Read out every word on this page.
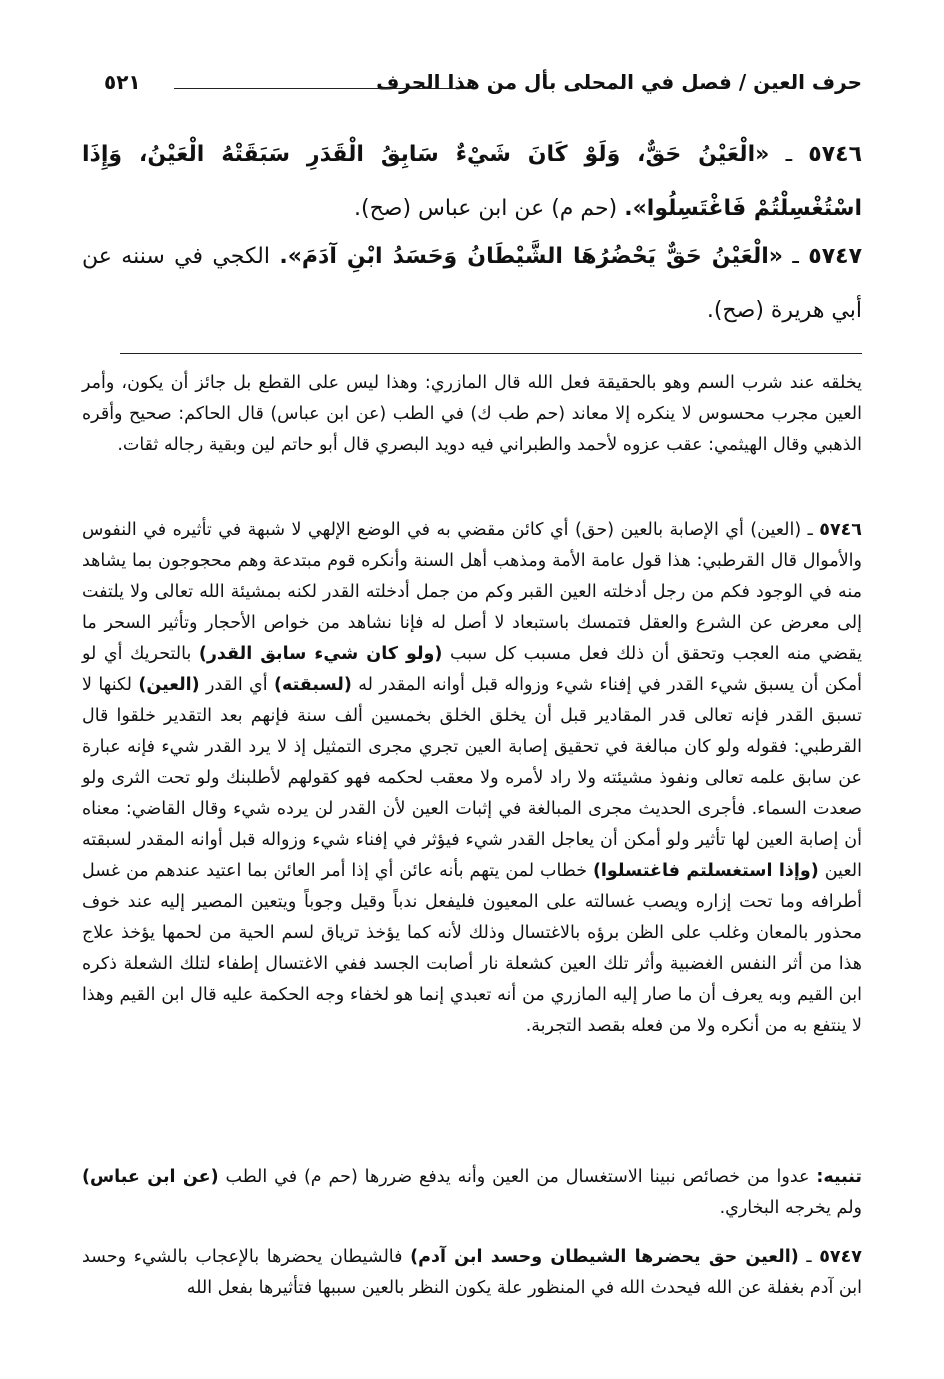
حرف العين / فصل في المحلى بأل من هذا الحرف
٥٢١
٥٧٤٦ ـ «الْعَيْنُ حَقٌّ، وَلَوْ كَانَ شَيْءٌ سَابِقُ الْقَدَرِ سَبَقَتْهُ الْعَيْنُ، وَإِذَا اسْتُغْسِلْتُمْ فَاغْتَسِلُوا». (حم م) عن ابن عباس (صح).
٥٧٤٧ ـ «الْعَيْنُ حَقٌّ يَحْضُرُهَا الشَّيْطَانُ وَحَسَدُ ابْنِ آدَمَ». الكجي في سننه عن أبي هريرة (صح).

يخلقه عند شرب السم وهو بالحقيقة فعل الله قال المازري: وهذا ليس على القطع بل جائز أن يكون، وأمر العين مجرب محسوس لا ينكره إلا معاند (حم طب ك) في الطب (عن ابن عباس) قال الحاكم: صحيح وأقره الذهبي وقال الهيثمي: عقب عزوه لأحمد والطبراني فيه دويد البصري قال أبو حاتم لين وبقية رجاله ثقات.

٥٧٤٦ ـ (العين) أي الإصابة بالعين (حق) أي كائن مقضي به في الوضع الإلهي لا شبهة في تأثيره في النفوس والأموال قال القرطبي: هذا قول عامة الأمة ومذهب أهل السنة وأنكره قوم مبتدعة وهم محجوجون بما يشاهد منه في الوجود فكم من رجل أدخلته العين القبر وكم من جمل أدخلته القدر لكنه بمشيئة الله تعالى ولا يلتفت إلى معرض عن الشرع والعقل فتمسك باستبعاد لا أصل له فإنا نشاهد من خواص الأحجار وتأثير السحر ما يقضي منه العجب وتحقق أن ذلك فعل مسبب كل سبب (ولو كان شيء سابق القدر) بالتحريك أي لو أمكن أن يسبق شيء القدر في إفناء شيء وزواله قبل أوانه المقدر له (لسبقته) أي القدر (العين) لكنها لا تسبق القدر فإنه تعالى قدر المقادير قبل أن يخلق الخلق بخمسين ألف سنة فإنهم بعد التقدير خلقوا قال القرطبي: فقوله ولو كان مبالغة في تحقيق إصابة العين تجري مجرى التمثيل إذ لا يرد القدر شيء فإنه عبارة عن سابق علمه تعالى ونفوذ مشيئته ولا راد لأمره ولا معقب لحكمه فهو كقولهم لأطلبنك ولو تحت الثرى ولو صعدت السماء. فأجرى الحديث مجرى المبالغة في إثبات العين لأن القدر لن يرده شيء وقال القاضي: معناه أن إصابة العين لها تأثير ولو أمكن أن يعاجل القدر شيء فيؤثر في إفناء شيء وزواله قبل أوانه المقدر لسبقته العين (وإذا استغسلتم فاغتسلوا) خطاب لمن يتهم بأنه عائن أي إذا أمر العائن بما اعتيد عندهم من غسل أطرافه وما تحت إزاره ويصب غسالته على المعيون فليفعل ندباً وقيل وجوباً ويتعين المصير إليه عند خوف محذور بالمعان وغلب على الظن برؤه بالاغتسال وذلك لأنه كما يؤخذ ترياق لسم الحية من لحمها يؤخذ علاج هذا من أثر النفس الغضبية وأثر تلك العين كشعلة نار أصابت الجسد ففي الاغتسال إطفاء لتلك الشعلة ذكره ابن القيم وبه يعرف أن ما صار إليه المازري من أنه تعبدي إنما هو لخفاء وجه الحكمة عليه قال ابن القيم وهذا لا ينتفع به من أنكره ولا من فعله بقصد التجربة.

تنبيه: عدوا من خصائص نبينا الاستغسال من العين وأنه يدفع ضررها (حم م) في الطب (عن ابن عباس) ولم يخرجه البخاري.

٥٧٤٧ ـ (العين حق يحضرها الشيطان وحسد ابن آدم) فالشيطان يحضرها بالإعجاب بالشيء وحسد ابن آدم بغفلة عن الله فيحدث الله في المنظور علة يكون النظر بالعين سببها فتأثيرها بفعل الله
